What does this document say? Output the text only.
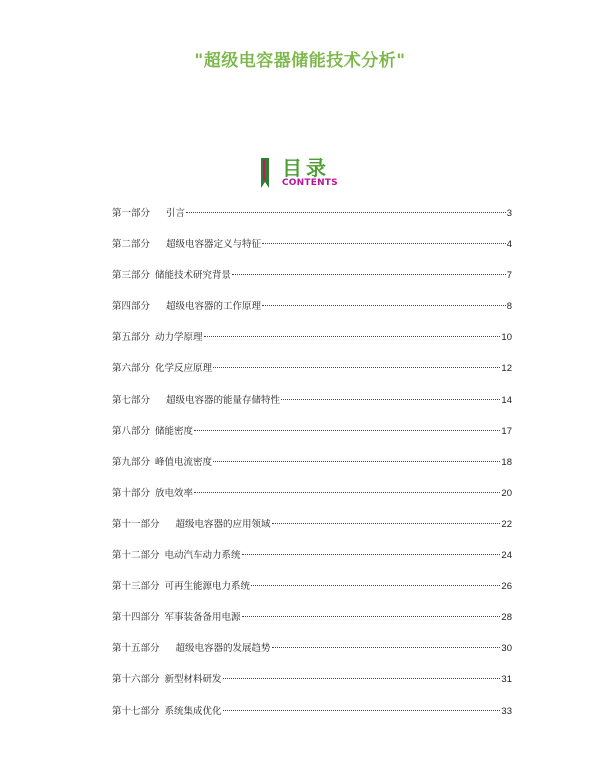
"超级电容器储能技术分析"
目录
CONTENTS
第一部分 引言	3
第二部分 超级电容器定义与特征	4
第三部分 储能技术研究背景	7
第四部分 超级电容器的工作原理	8
第五部分 动力学原理	10
第六部分 化学反应原理	12
第七部分 超级电容器的能量存储特性	14
第八部分 储能密度	17
第九部分 峰值电流密度	18
第十部分 放电效率	20
第十一部分 超级电容器的应用领域	22
第十二部分 电动汽车动力系统	24
第十三部分 可再生能源电力系统	26
第十四部分 军事装备备用电源	28
第十五部分 超级电容器的发展趋势	30
第十六部分 新型材料研发	31
第十七部分 系统集成优化	33
